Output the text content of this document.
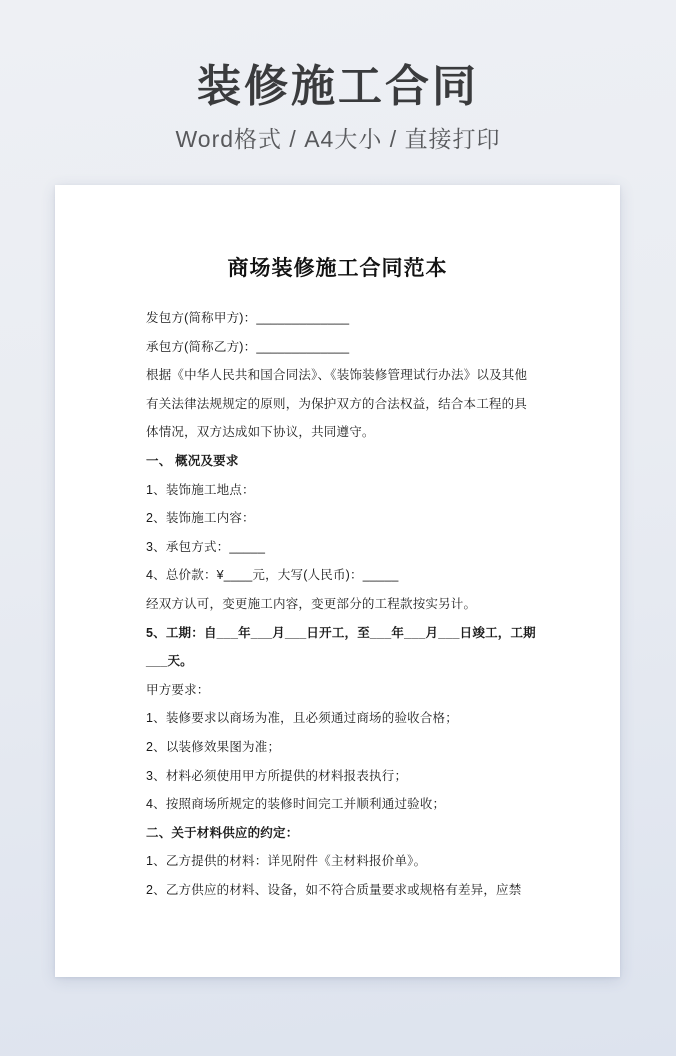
装修施工合同
Word格式 / A4大小 / 直接打印
商场装修施工合同范本

发包方(简称甲方)：_____________

承包方(简称乙方)：_____________

根据《中华人民共和国合同法》、《装饰装修管理试行办法》以及其他

有关法律法规规定的原则，为保护双方的合法权益，结合本工程的具

体情况，双方达成如下协议，共同遵守。

一、 概况及要求

1、装饰施工地点：

2、装饰施工内容：

3、承包方式：_____

4、总价款：¥____元，大写(人民币)：_____

经双方认可，变更施工内容，变更部分的工程款按实另计。

5、工期：自___年___月___日开工，至___年___月___日竣工，工期

___天。

甲方要求：

1、装修要求以商场为准，且必须通过商场的验收合格；

2、以装修效果图为准；

3、材料必须使用甲方所提供的材料报表执行；

4、按照商场所规定的装修时间完工并顺利通过验收；

二、关于材料供应的约定：

1、乙方提供的材料：详见附件《主材料报价单》。

2、乙方供应的材料、设备，如不符合质量要求或规格有差异，应禁
